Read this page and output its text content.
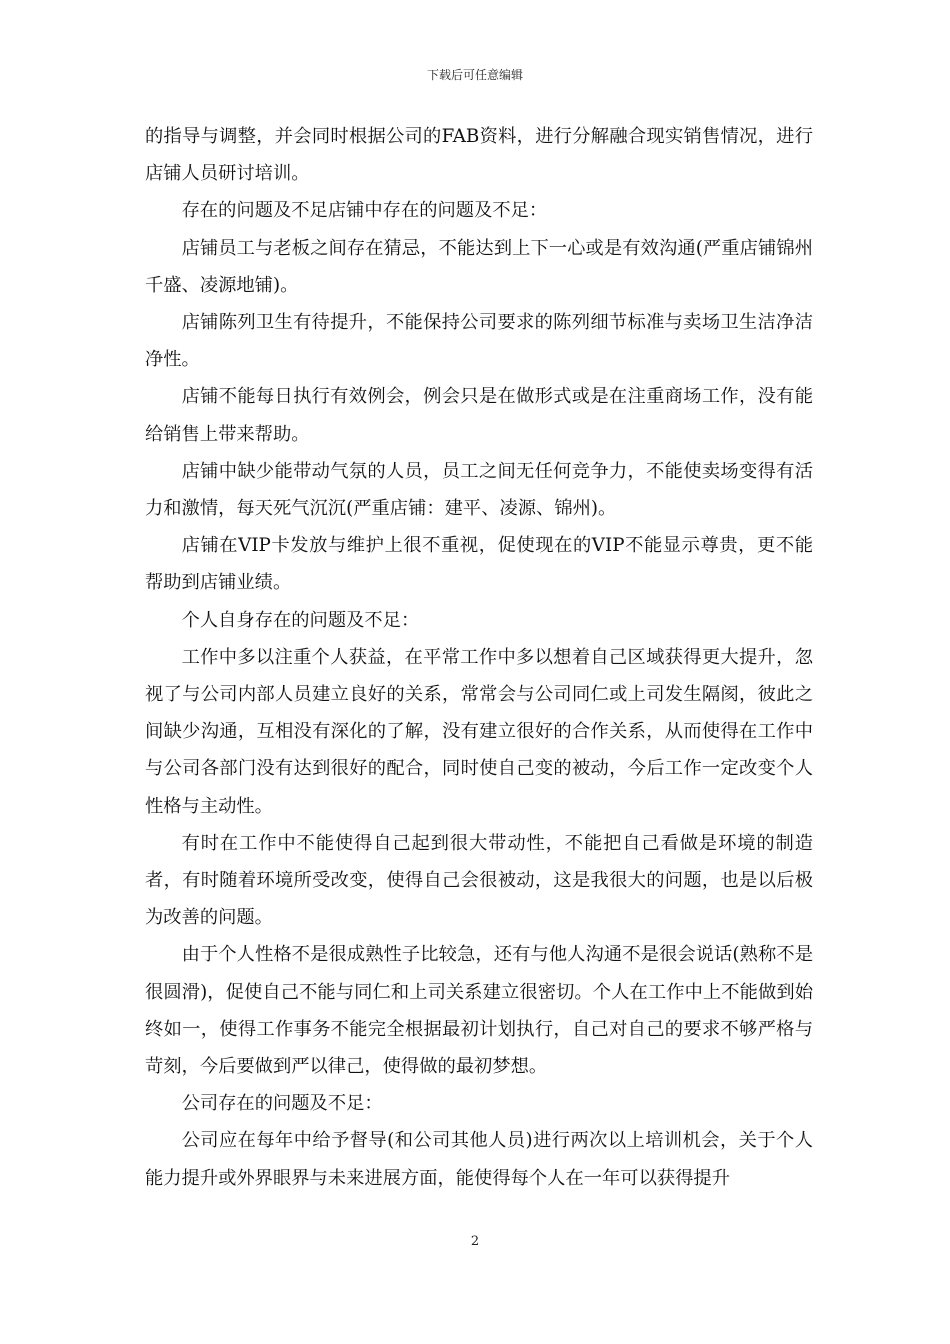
下载后可任意编辑

的指导与调整，并会同时根据公司的FAB资料，进行分解融合现实销售情况，进行店铺人员研讨培训。

存在的问题及不足店铺中存在的问题及不足：

店铺员工与老板之间存在猜忌，不能达到上下一心或是有效沟通(严重店铺锦州千盛、凌源地铺)。

店铺陈列卫生有待提升，不能保持公司要求的陈列细节标准与卖场卫生洁净洁净性。

店铺不能每日执行有效例会，例会只是在做形式或是在注重商场工作，没有能给销售上带来帮助。

店铺中缺少能带动气氛的人员，员工之间无任何竞争力，不能使卖场变得有活力和激情，每天死气沉沉(严重店铺：建平、凌源、锦州)。

店铺在VIP卡发放与维护上很不重视，促使现在的VIP不能显示尊贵，更不能帮助到店铺业绩。

个人自身存在的问题及不足：

工作中多以注重个人获益，在平常工作中多以想着自己区域获得更大提升，忽视了与公司内部人员建立良好的关系，常常会与公司同仁或上司发生隔阂，彼此之间缺少沟通，互相没有深化的了解，没有建立很好的合作关系，从而使得在工作中与公司各部门没有达到很好的配合，同时使自己变的被动，今后工作一定改变个人性格与主动性。

有时在工作中不能使得自己起到很大带动性，不能把自己看做是环境的制造者，有时随着环境所受改变，使得自己会很被动，这是我很大的问题，也是以后极为改善的问题。

由于个人性格不是很成熟性子比较急，还有与他人沟通不是很会说话(熟称不是很圆滑)，促使自己不能与同仁和上司关系建立很密切。个人在工作中上不能做到始终如一，使得工作事务不能完全根据最初计划执行，自己对自己的要求不够严格与苛刻，今后要做到严以律己，使得做的最初梦想。

公司存在的问题及不足：

公司应在每年中给予督导(和公司其他人员)进行两次以上培训机会，关于个人能力提升或外界眼界与未来进展方面，能使得每个人在一年可以获得提升

2
